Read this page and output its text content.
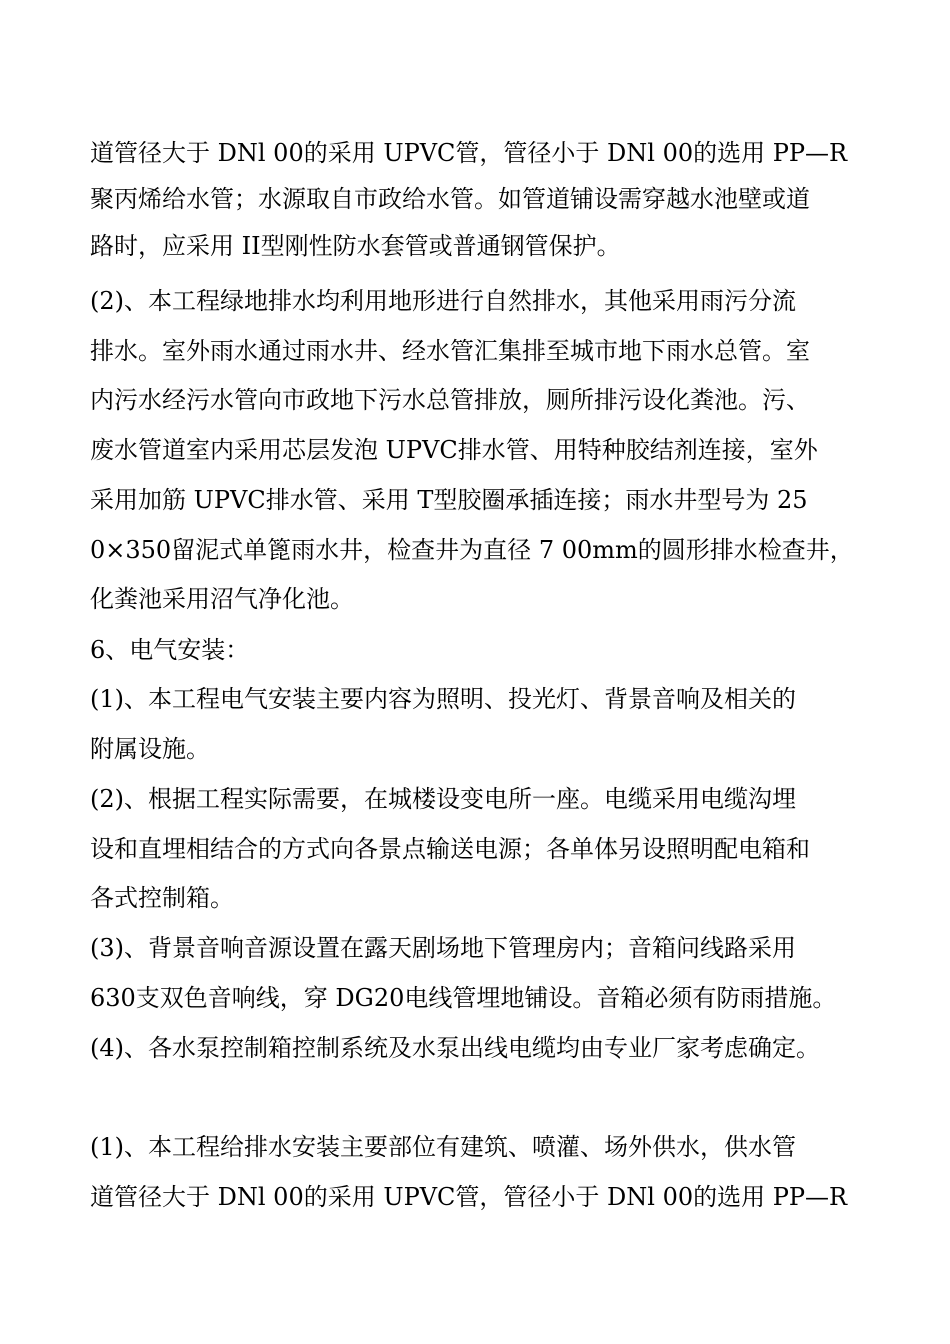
道管径大于 DNl 00的采用 UPVC管，管径小于 DNl 00的选用 PP—R
聚丙烯给水管；水源取自市政给水管。如管道铺设需穿越水池壁或道
路时，应采用 II型刚性防水套管或普通钢管保护。
(2)、本工程绿地排水均利用地形进行自然排水，其他采用雨污分流
排水。室外雨水通过雨水井、经水管汇集排至城市地下雨水总管。室
内污水经污水管向市政地下污水总管排放，厕所排污设化粪池。污、
废水管道室内采用芯层发泡 UPVC排水管、用特种胶结剂连接，室外
采用加筋 UPVC排水管、采用 T型胶圈承插连接；雨水井型号为 25
0×350留泥式单篦雨水井，检查井为直径 7 00mm的圆形排水检查井，
化粪池采用沼气净化池。
6、电气安装：
(1)、本工程电气安装主要内容为照明、投光灯、背景音响及相关的
附属设施。
(2)、根据工程实际需要，在城楼设变电所一座。电缆采用电缆沟埋
设和直埋相结合的方式向各景点输送电源；各单体另设照明配电箱和
各式控制箱。
(3)、背景音响音源设置在露天剧场地下管理房内；音箱问线路采用
630支双色音响线，穿 DG20电线管埋地铺设。音箱必须有防雨措施。
(4)、各水泵控制箱控制系统及水泵出线电缆均由专业厂家考虑确定。
(1)、本工程给排水安装主要部位有建筑、喷灌、场外供水，供水管
道管径大于 DNl 00的采用 UPVC管，管径小于 DNl 00的选用 PP—R
